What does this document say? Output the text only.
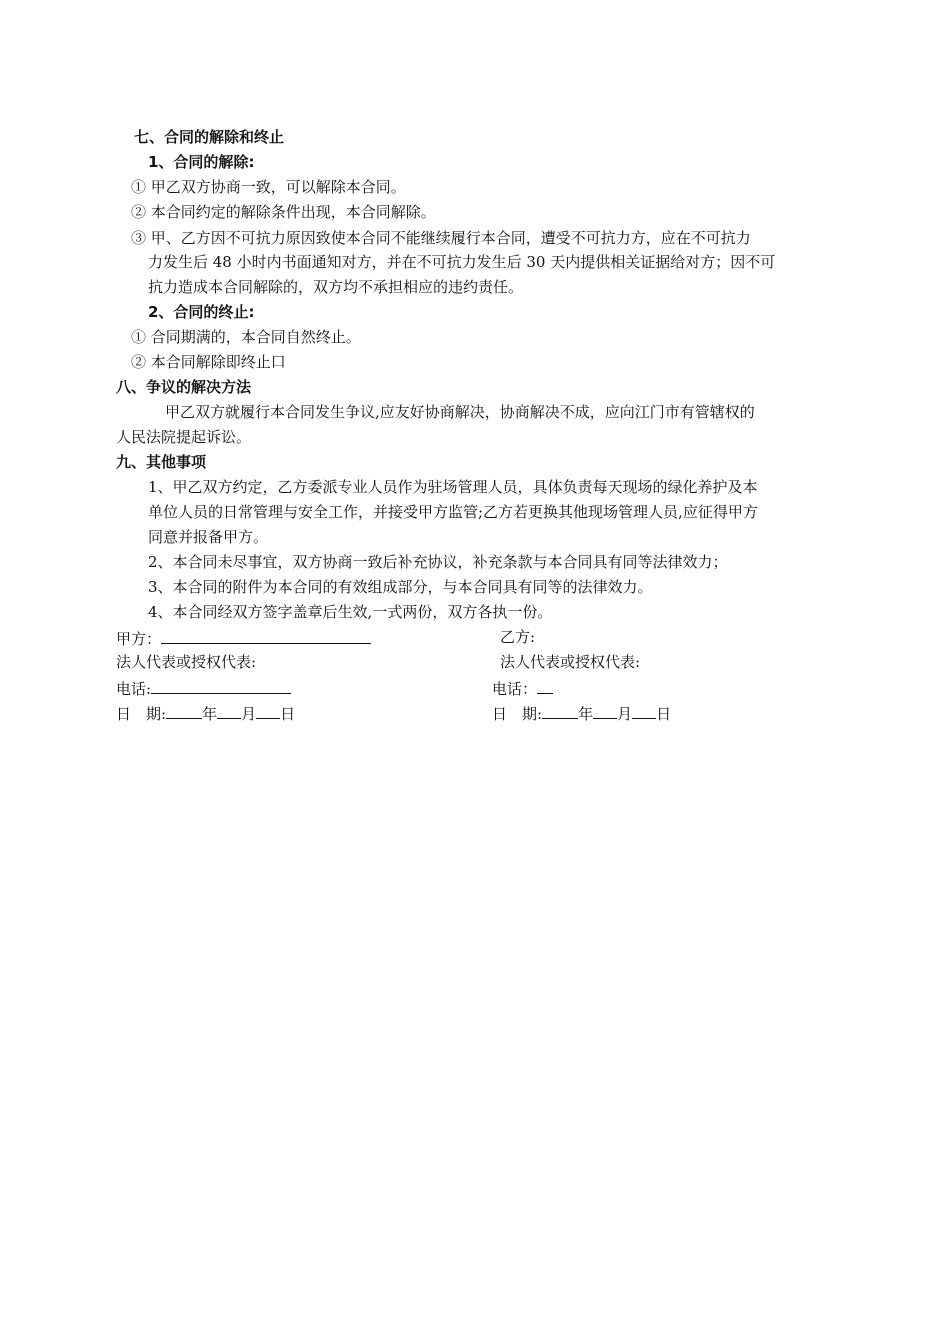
七、合同的解除和终止
1、合同的解除:
① 甲乙双方协商一致，可以解除本合同。
② 本合同约定的解除条件出现，本合同解除。
③ 甲、乙方因不可抗力原因致使本合同不能继续履行本合同，遭受不可抗力方，应在不可抗力
力发生后 48 小时内书面通知对方，并在不可抗力发生后 30 天内提供相关证据给对方；因不可
抗力造成本合同解除的，双方均不承担相应的违约责任。
2、合同的终止:
① 合同期满的，本合同自然终止。
② 本合同解除即终止口
八、争议的解决方法
甲乙双方就履行本合同发生争议,应友好协商解决，协商解决不成，应向江门市有管辖权的
人民法院提起诉讼。
九、其他事项
1、甲乙双方约定，乙方委派专业人员作为驻场管理人员，具体负责每天现场的绿化养护及本
单位人员的日常管理与安全工作，并接受甲方监管;乙方若更换其他现场管理人员,应征得甲方
同意并报备甲方。
2、本合同未尽事宜，双方协商一致后补充协议，补充条款与本合同具有同等法律效力；
3、本合同的附件为本合同的有效组成部分，与本合同具有同等的法律效力。
4、本合同经双方签字盖章后生效,一式两份，双方各执一份。
甲方：	乙方:
法人代表或授权代表:	法人代表或授权代表:
电话:	电话：
日　期: 年 月 日	日　期: 年 月 日
